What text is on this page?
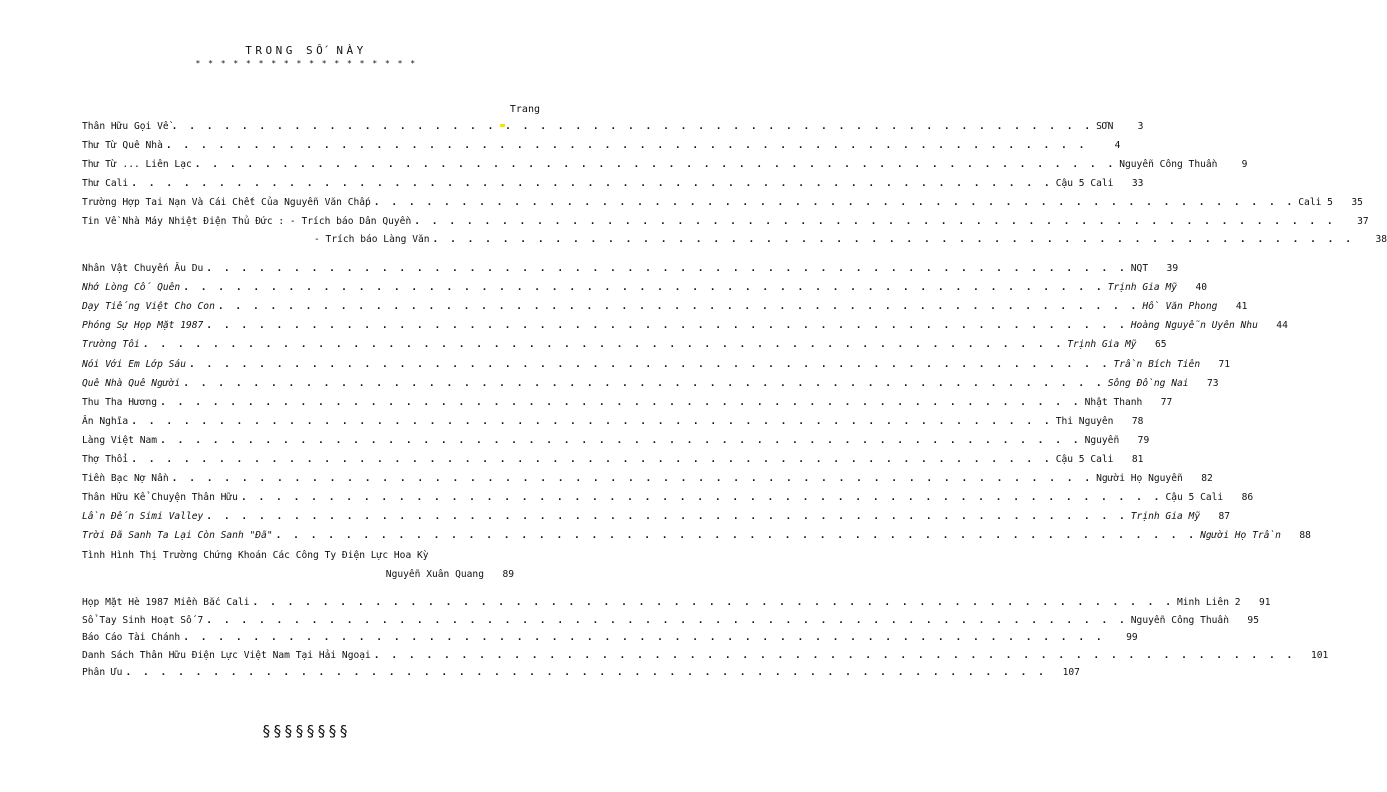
TRONG SỐ NÀY
* * * * * * * * * * * * * * * * * *
Trang
Thân Hữu Gọi Về . . . . . . . . . . . . . . . . . . . . . . . . . . . . . . . . . . . . . . . . . . . . . . . . . . . . . SƠN	3
Thư Từ Quê Nhà . . . . . . . . . . . . . . . . . . . . . . . . . . . . . . . . . . . . . . . . . . . . . . . . . . . . .	4
Thư Từ ... Liên Lạc . . . . . . . . . . . . . . . . . . . . . . . . . . . . . . . . . . . . . . . . . . . . . . . . . . . . . Nguyễn Công Thuần	9
Thư Cali . . . . . . . . . . . . . . . . . . . . . . . . . . . . . . . . . . . . . . . . . . . . . . . . . . . . . Cậu 5 Cali	33
Trường Hợp Tai Nạn Và Cái Chết Của Nguyễn Văn Chấp . . . . . . . . . . . . . . . . . . . . . . . . . . . . . . . . . . . . . . . . . . . . . . . . . . . . . Cali 5	35
Tin Về Nhà Máy Nhiệt Điện Thủ Đức : - Trích báo Dân Quyền . . . . . . . . . . . . . . . . . . . . . . . . . . . . . . . . . . . . . . . . . . . . . . . . . . . . .	37
- Trích báo Làng Văn . . . . . . . . . . . . . . . . . . . . . . . . . . . . . . . . . . . . . . . . . . . . . . . . . . . . .	38
Nhân Vật Chuyến Âu Du . . . . . . . . . . . . . . . . . . . . . . . . . . . . . . . . . . . . . . . . . . . . . . . . . . . . . NQT	39
Nhớ Lòng Cố Quên . . . . . . . . . . . . . . . . . . . . . . . . . . . . . . . . . . . . . . . . . . . . . . . . . . . . . Trịnh Gia Mỹ	40
Dạy Tiếng Việt Cho Con . . . . . . . . . . . . . . . . . . . . . . . . . . . . . . . . . . . . . . . . . . . . . . . . . . . . . Hồ Văn Phong	41
Phóng Sự Họp Mặt 1987 . . . . . . . . . . . . . . . . . . . . . . . . . . . . . . . . . . . . . . . . . . . . . . . . . . . . . Hoàng Nguyễn Uyên Nhu	44
Trường Tôi . . . . . . . . . . . . . . . . . . . . . . . . . . . . . . . . . . . . . . . . . . . . . . . . . . . . . Trịnh Gia Mỹ	65
Nói Với Em Lớp Sáu . . . . . . . . . . . . . . . . . . . . . . . . . . . . . . . . . . . . . . . . . . . . . . . . . . . . . Trần Bích Tiên	71
Quê Nhà Quê Người . . . . . . . . . . . . . . . . . . . . . . . . . . . . . . . . . . . . . . . . . . . . . . . . . . . . . Sông Đồng Nai	73
Thu Tha Hương . . . . . . . . . . . . . . . . . . . . . . . . . . . . . . . . . . . . . . . . . . . . . . . . . . . . . Nhật Thanh	77
Ân Nghĩa . . . . . . . . . . . . . . . . . . . . . . . . . . . . . . . . . . . . . . . . . . . . . . . . . . . . . Thi Nguyên	78
Làng Việt Nam . . . . . . . . . . . . . . . . . . . . . . . . . . . . . . . . . . . . . . . . . . . . . . . . . . . . . Nguyễn	79
Thợ Thổi . . . . . . . . . . . . . . . . . . . . . . . . . . . . . . . . . . . . . . . . . . . . . . . . . . . . . Cậu 5 Cali	81
Tiền Bạc Nợ Nần . . . . . . . . . . . . . . . . . . . . . . . . . . . . . . . . . . . . . . . . . . . . . . . . . . . . . Người Họ Nguyễn	82
Thân Hữu Kể Chuyện Thân Hữu . . . . . . . . . . . . . . . . . . . . . . . . . . . . . . . . . . . . . . . . . . . . . . . . . . . . . Cậu 5 Cali	86
Lần Đến Simi Valley . . . . . . . . . . . . . . . . . . . . . . . . . . . . . . . . . . . . . . . . . . . . . . . . . . . . . Trịnh Gia Mỹ	87
Trời Đã Sanh Ta Lại Còn Sanh "Đã" . . . . . . . . . . . . . . . . . . . . . . . . . . . . . . . . . . . . . . . . . . . . . . . . . . . . . Người Họ Trần	88
Tình Hình Thị Trường Chứng Khoán Các Công Ty Điện Lực Hoa Kỳ
Nguyễn Xuân Quang	89
Họp Mặt Hè 1987 Miền Bắc Cali . . . . . . . . . . . . . . . . . . . . . . . . . . . . . . . . . . . . . . . . . . . . . . . . . . . . . Minh Liên 2	91
Sổ Tay Sinh Hoạt Số 7 . . . . . . . . . . . . . . . . . . . . . . . . . . . . . . . . . . . . . . . . . . . . . . . . . . . . . Nguyễn Công Thuần	95
Báo Cáo Tài Chánh . . . . . . . . . . . . . . . . . . . . . . . . . . . . . . . . . . . . . . . . . . . . . . . . . . . . .	99
Danh Sách Thân Hữu Điện Lực Việt Nam Tại Hải Ngoại . . . . . . . . . . . . . . . . . . . . . . . . . . . . . . . . . . . . . . . . . . . . . . . . . . . . .	101
Phân Ưu . . . . . . . . . . . . . . . . . . . . . . . . . . . . . . . . . . . . . . . . . . . . . . . . . . . . .	107
§§§§§§§§
